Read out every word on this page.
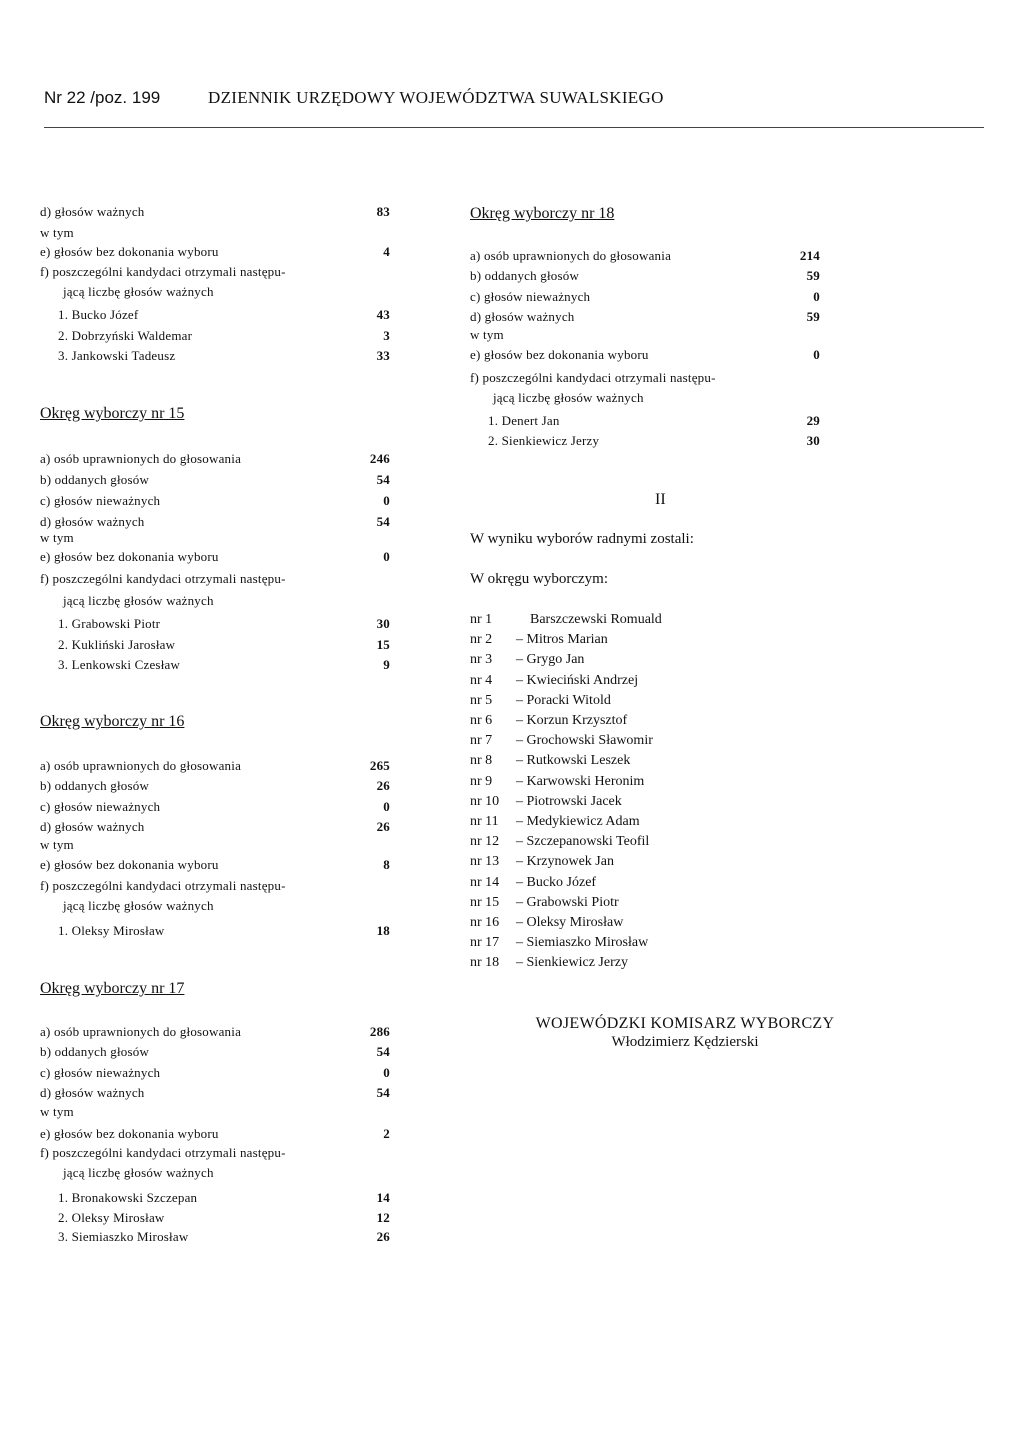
Nr 22 /poz. 199	DZIENNIK URZĘDOWY WOJEWÓDZTWA SUWALSKIEGO
d) głosów ważnych	83
w tym
e) głosów bez dokonania wyboru	4
f) poszczególni kandydaci otrzymali następu-
jącą liczbę głosów ważnych
1. Bucko Józef	43
2. Dobrzyński Waldemar	3
3. Jankowski Tadeusz	33
Okręg wyborczy nr 15
a) osób uprawnionych do głosowania	246
b) oddanych głosów	54
c) głosów nieważnych	0
d) głosów ważnych	54
w tym
e) głosów bez dokonania wyboru	0
f) poszczególni kandydaci otrzymali następu-
jącą liczbę głosów ważnych
1. Grabowski Piotr	30
2. Kukliński Jarosław	15
3. Lenkowski Czesław	9
Okręg wyborczy nr 16
a) osób uprawnionych do głosowania	265
b) oddanych głosów	26
c) głosów nieważnych	0
d) głosów ważnych	26
w tym
e) głosów bez dokonania wyboru	8
f) poszczególni kandydaci otrzymali następu-
jącą liczbę głosów ważnych
1. Oleksy Mirosław	18
Okręg wyborczy nr 17
a) osób uprawnionych do głosowania	286
b) oddanych głosów	54
c) głosów nieważnych	0
d) głosów ważnych	54
w tym
e) głosów bez dokonania wyboru	2
f) poszczególni kandydaci otrzymali następu-
jącą liczbę głosów ważnych
1. Bronakowski Szczepan	14
2. Oleksy Mirosław	12
3. Siemiaszko Mirosław	26
Okręg wyborczy nr 18
a) osób uprawnionych do głosowania	214
b) oddanych głosów	59
c) głosów nieważnych	0
d) głosów ważnych	59
w tym
e) głosów bez dokonania wyboru	0
f) poszczególni kandydaci otrzymali następu-
jącą liczbę głosów ważnych
1. Denert Jan	29
2. Sienkiewicz Jerzy	30
II
W wyniku wyborów radnymi zostali:
W okręgu wyborczym:
nr 1	Barszczewski Romuald
nr 2 – Mitros Marian
nr 3 – Grygo Jan
nr 4 – Kwieciński Andrzej
nr 5 – Poracki Witold
nr 6 – Korzun Krzysztof
nr 7 – Grochowski Sławomir
nr 8 – Rutkowski Leszek
nr 9 – Karwowski Heronim
nr 10 – Piotrowski Jacek
nr 11 – Medykiewicz Adam
nr 12 – Szczepanowski Teofil
nr 13 – Krzynowek Jan
nr 14 – Bucko Józef
nr 15 – Grabowski Piotr
nr 16 – Oleksy Mirosław
nr 17 – Siemiaszko Mirosław
nr 18 – Sienkiewicz Jerzy
WOJEWÓDZKI KOMISARZ WYBORCZY
Włodzimierz Kędzierski
